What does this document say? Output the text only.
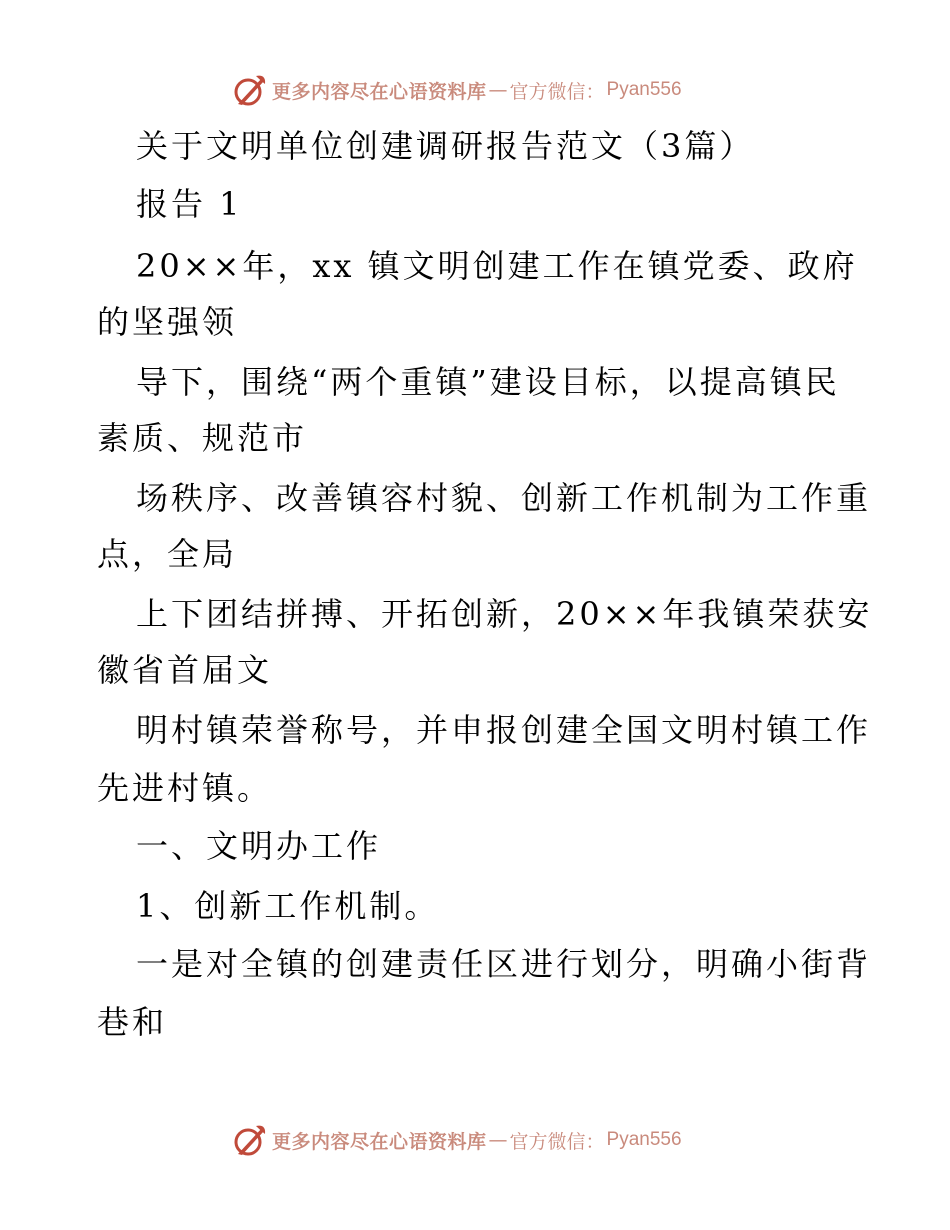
更多内容尽在心语资料库 — 官方微信： Pyan556
关于文明单位创建调研报告范文（3篇）
报告 1
20××年，xx 镇文明创建工作在镇党委、政府
的坚强领
导下，围绕“两个重镇”建设目标，以提高镇民
素质、规范市
场秩序、改善镇容村貌、创新工作机制为工作重
点，全局
上下团结拼搏、开拓创新，20××年我镇荣获安
徽省首届文
明村镇荣誉称号，并申报创建全国文明村镇工作
先进村镇。
一、文明办工作
1、创新工作机制。
一是对全镇的创建责任区进行划分，明确小街背
巷和
更多内容尽在心语资料库 — 官方微信： Pyan556
